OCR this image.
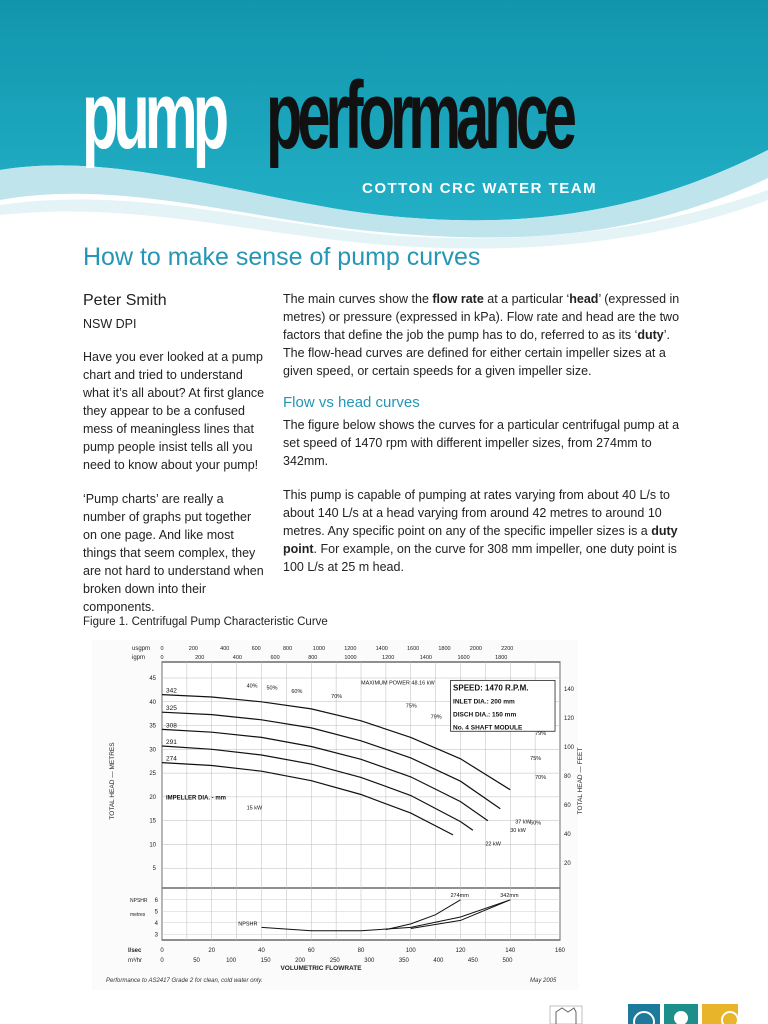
pump performance
COTTON CRC WATER TEAM
How to make sense of pump curves
Peter Smith
NSW DPI

Have you ever looked at a pump chart and tried to understand what it’s all about? At first glance they appear to be a confused mess of meaningless lines that pump people insist tells all you need to know about your pump!

‘Pump charts’ are really a number of graphs put together on one page. And like most things that seem complex, they are not hard to understand when broken down into their components.

The main curves show the flow rate at a particular ‘head’ (expressed in metres) or pressure (expressed in kPa). Flow rate and head are the two factors that define the job the pump has to do, referred to as its ‘duty’. The flow-head curves are defined for either certain impeller sizes at a given speed, or certain speeds for a given impeller size.

Flow vs head curves

The figure below shows the curves for a particular centrifugal pump at a set speed of 1470 rpm with different impeller sizes, from 274mm to 342mm.

This pump is capable of pumping at rates varying from about 40 L/s to about 140 L/s at a head varying from around 42 metres to around 10 metres. Any specific point on any of the specific impeller sizes is a duty point. For example, on the curve for 308 mm impeller, one duty point is 100 L/s at 25 m head.

Figure 1. Centrifugal Pump Characteristic Curve
5
10
15
20
25
30
35
40
45
20
40
60
80
100
120
140
3
4
5
6
NPSHR
metres
l/sec
m³/hr
0	20	40	60	80	100	120	140	160
0	50	100	150	200	250	300	350	400	450	500
VOLUMETRIC FLOWRATE
usgpm
igpm
0	200	400	600	800	1000	1200	1400	1600	1800	2000	2200
0	200	400	600	800	1000	1200	1400	1600	1800
TOTAL HEAD — METRES	TOTAL HEAD — FEET
342
325
308
291
274
NPSHR
274mm	342mm
IMPELLER DIA. - mm
40% 50%
60%
70%
75%
79%
79%
75%
70%
60%
15 kW
22 kW
30 kW
37 kW
MAXIMUM POWER 48.16 kW SPEED: 1470 R.P.M.
INLET DIA.: 200 mm
DISCH DIA.: 150 mm
No. 4 SHAFT MODULE
Performance to AS2417 Grade 2 for clean, cold water only.	May 2005
